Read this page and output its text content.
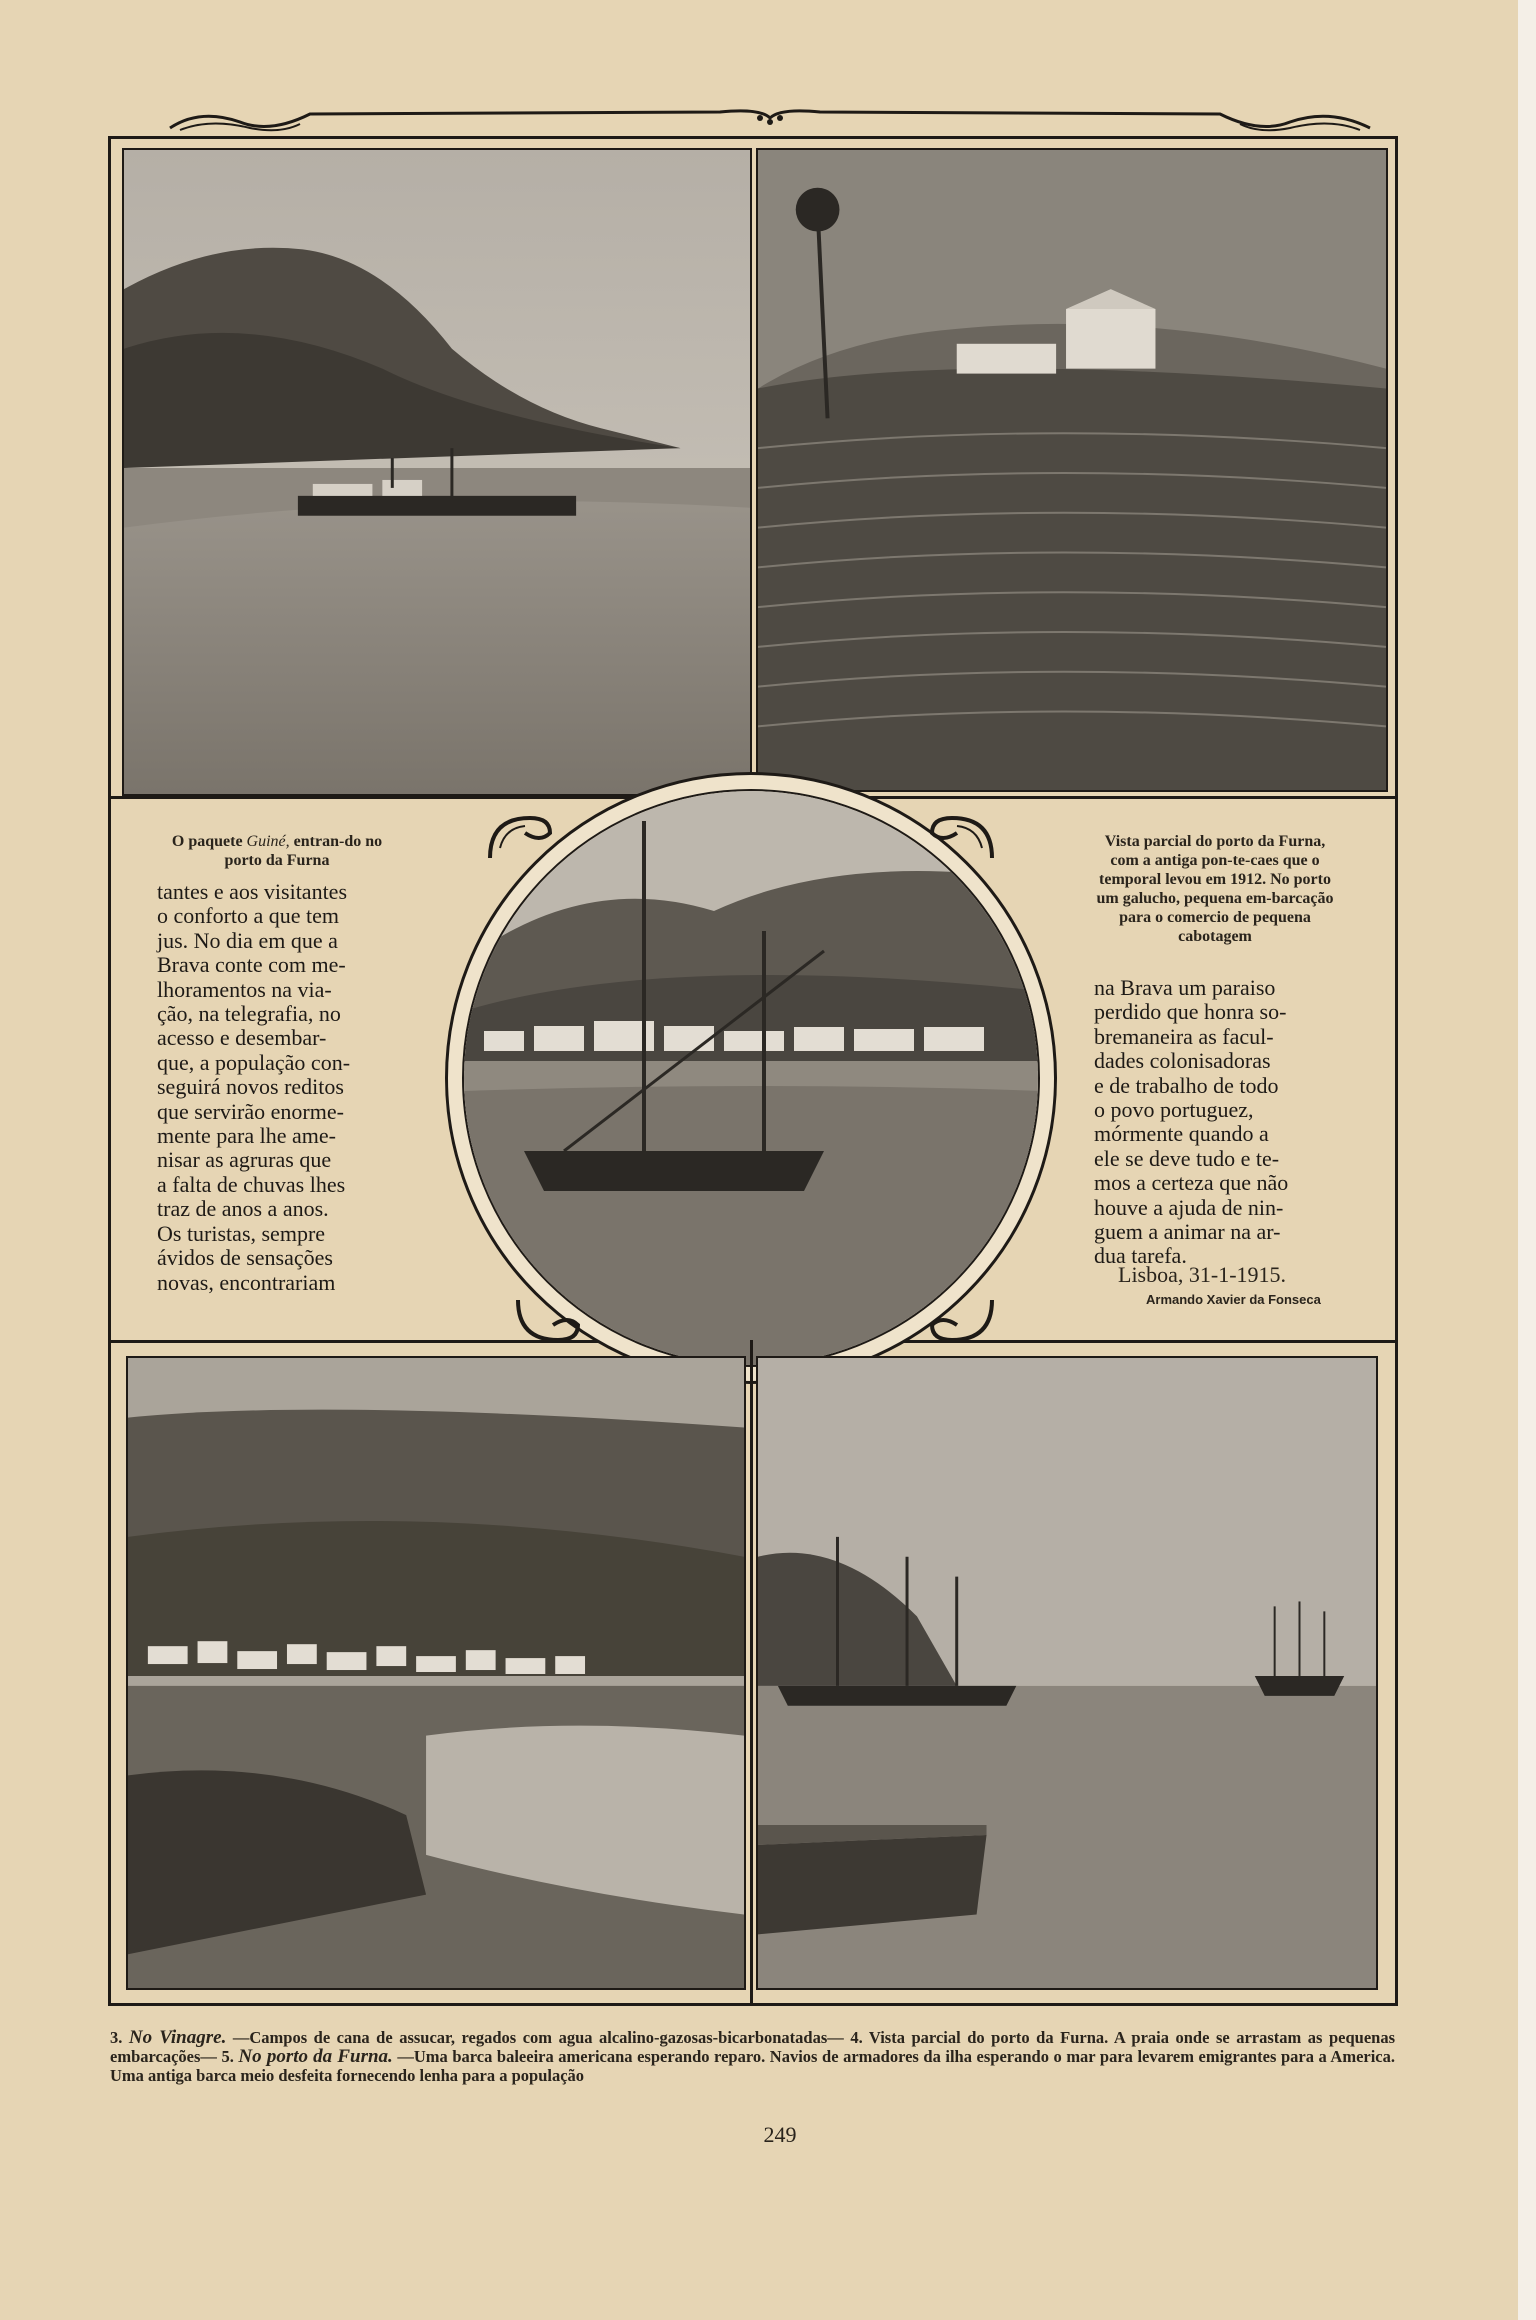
O paquete Guiné, entran-do no porto da Furna
tantes e aos visitantes
o conforto a que tem
jus. No dia em que a
Brava conte com me-
lhoramentos na via-
ção, na telegrafia, no
acesso e desembar-
que, a população con-
seguirá novos reditos
que servirão enorme-
mente para lhe ame-
nisar as agruras que
a falta de chuvas lhes
traz de anos a anos.
Os turistas, sempre
ávidos de sensações
novas, encontrariam
Vista parcial do porto da Furna, com a antiga pon-te-caes que o temporal levou em 1912. No porto um galucho, pequena em-barcação para o comercio de pequena cabotagem
na Brava um paraiso
perdido que honra so-
bremaneira as facul-
dades colonisadoras
e de trabalho de todo
o povo portuguez,
mórmente quando a
ele se deve tudo e te-
mos a certeza que não
houve a ajuda de nin-
guem a animar na ar-
dua tarefa.
Lisboa, 31-1-1915.
Armando Xavier da Fonseca
3. No Vinagre. —Campos de cana de assucar, regados com agua alcalino-gazosas-bicarbonatadas— 4. Vista parcial do porto da Furna. A praia onde se arrastam as pequenas embarcações— 5. No porto da Furna. —Uma barca baleeira americana esperando reparo. Navios de armadores da ilha esperando o mar para levarem emigrantes para a America. Uma antiga barca meio desfeita fornecendo lenha para a população
249
